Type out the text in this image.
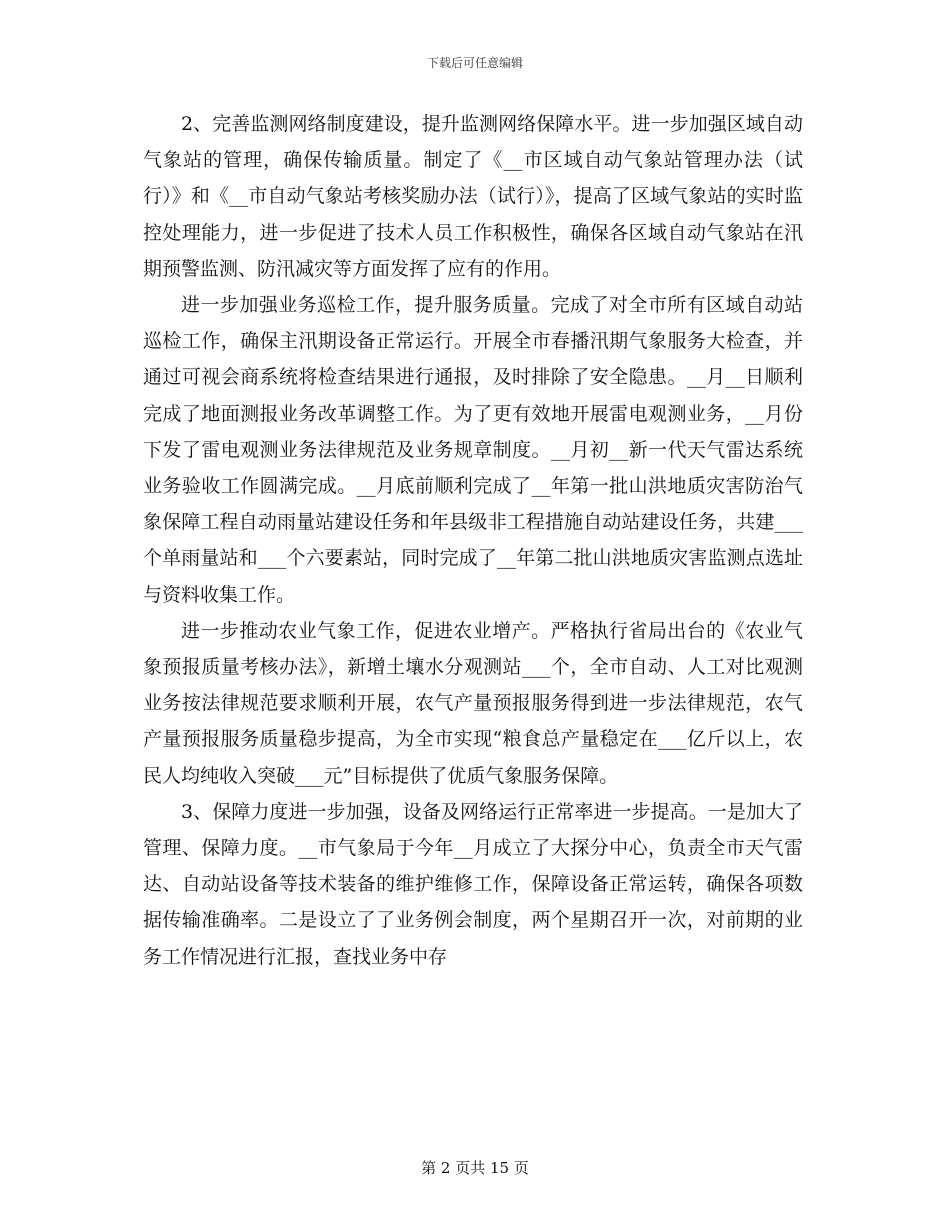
下载后可任意编辑

2、完善监测网络制度建设，提升监测网络保障水平。进一步加强区域自动气象站的管理，确保传输质量。制定了《__市区域自动气象站管理办法（试行）》和《__市自动气象站考核奖励办法（试行）》，提高了区域气象站的实时监控处理能力，进一步促进了技术人员工作积极性，确保各区域自动气象站在汛期预警监测、防汛减灾等方面发挥了应有的作用。

进一步加强业务巡检工作，提升服务质量。完成了对全市所有区域自动站巡检工作，确保主汛期设备正常运行。开展全市春播汛期气象服务大检查，并通过可视会商系统将检查结果进行通报，及时排除了安全隐患。__月__日顺利完成了地面测报业务改革调整工作。为了更有效地开展雷电观测业务，__月份下发了雷电观测业务法律规范及业务规章制度。__月初__新一代天气雷达系统业务验收工作圆满完成。__月底前顺利完成了__年第一批山洪地质灾害防治气象保障工程自动雨量站建设任务和年县级非工程措施自动站建设任务，共建___个单雨量站和___个六要素站，同时完成了__年第二批山洪地质灾害监测点选址与资料收集工作。

进一步推动农业气象工作，促进农业增产。严格执行省局出台的《农业气象预报质量考核办法》，新增土壤水分观测站___个，全市自动、人工对比观测业务按法律规范要求顺利开展，农气产量预报服务得到进一步法律规范，农气产量预报服务质量稳步提高，为全市实现“粮食总产量稳定在___亿斤以上，农民人均纯收入突破___元”目标提供了优质气象服务保障。

3、保障力度进一步加强，设备及网络运行正常率进一步提高。一是加大了管理、保障力度。__市气象局于今年__月成立了大探分中心，负责全市天气雷达、自动站设备等技术装备的维护维修工作，保障设备正常运转，确保各项数据传输准确率。二是设立了了业务例会制度，两个星期召开一次，对前期的业务工作情况进行汇报，查找业务中存

第 2 页共 15 页
